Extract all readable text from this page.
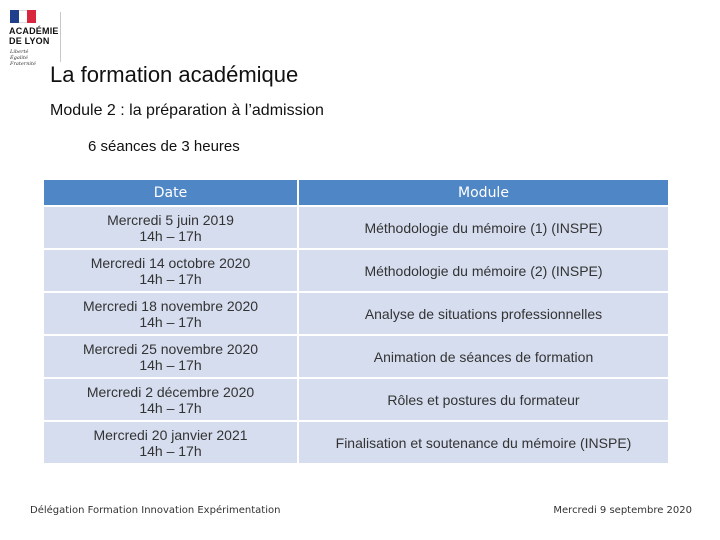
ACADÉMIE
DE LYON
Liberté
Égalité
Fraternité La formation académique
Module 2 : la préparation à l’admission
6 séances de 3 heures
Date	Module

Mercredi 5 juin 2019
14h – 17h	Méthodologie du mémoire (1) (INSPE)

Mercredi 14 octobre 2020
14h – 17h	Méthodologie du mémoire (2) (INSPE)

Mercredi 18 novembre 2020
14h – 17h	Analyse de situations professionnelles

Mercredi 25 novembre 2020
14h – 17h	Animation de séances de formation

Mercredi 2 décembre 2020
14h – 17h	Rôles et postures du formateur

Mercredi 20 janvier 2021
14h – 17h	Finalisation et soutenance du mémoire (INSPE)
Délégation Formation Innovation Expérimentation	Mercredi 9 septembre 2020
